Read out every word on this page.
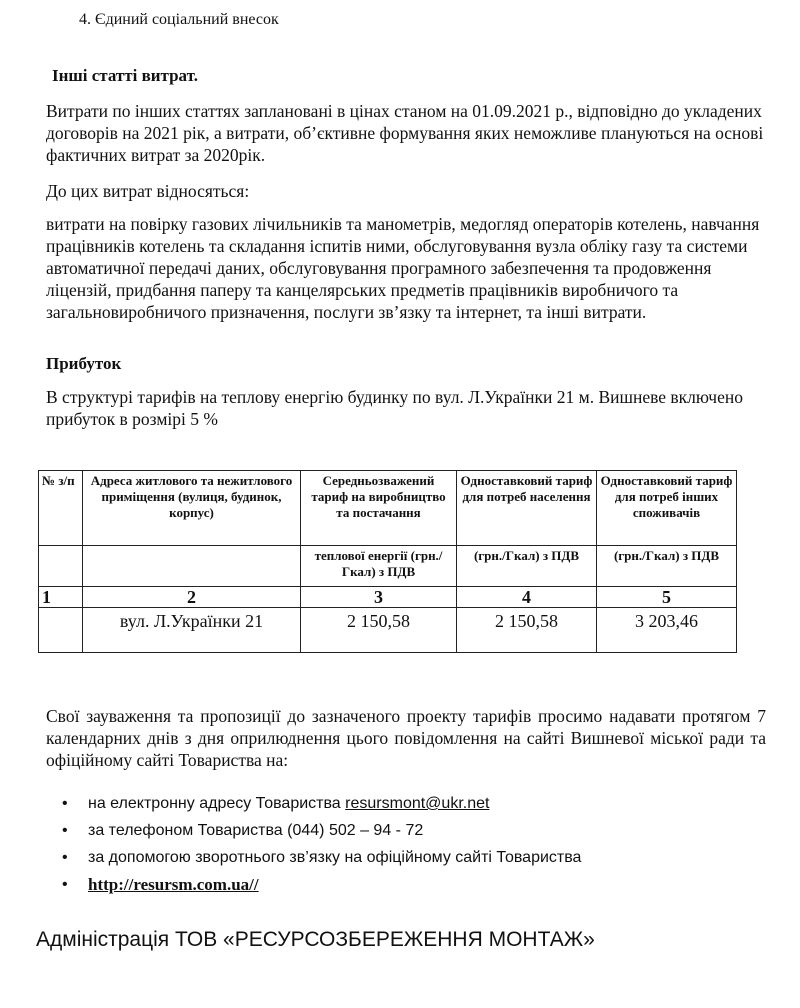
4. Єдиний соціальний внесок
Інші статті витрат.
Витрати по інших статтях заплановані в цінах станом на 01.09.2021 р., відповідно до укладених договорів на 2021 рік, а витрати, об’єктивне формування яких неможливе плануються на основі фактичних витрат за 2020рік.
До цих витрат відносяться:
витрати на повірку газових лічильників та манометрів, медогляд операторів котелень, навчання працівників котелень та складання іспитів ними, обслуговування вузла обліку газу та системи автоматичної передачі даних, обслуговування програмного забезпечення та продовження ліцензій, придбання паперу та канцелярських предметів працівників виробничого та загальновиробничого призначення, послуги зв’язку та інтернет, та інші витрати.
Прибуток
В структурі тарифів на теплову енергію будинку по вул. Л.Українки 21 м. Вишневе включено прибуток в розмірі 5 %
№ з/п	Адреса житлового та нежитлового приміщення (вулиця, будинок, корпус)	Середньозважений тариф на виробництво та постачання	Одноставковий тариф для потреб населення	Одноставковий тариф для потреб інших споживачів
		теплової енергії (грн./Гкал) з ПДВ	(грн./Гкал) з ПДВ	(грн./Гкал) з ПДВ
1	2	3	4	5
	вул. Л.Українки 21	2 150,58	2 150,58	3 203,46
Свої зауваження та пропозиції до зазначеного проекту тарифів просимо надавати протягом 7 календарних днів з дня оприлюднення цього повідомлення на сайті Вишневої міської ради та офіційному сайті Товариства на:
• на електронну адресу Товариства resursmont@ukr.net
• за телефоном Товариства (044) 502 – 94 - 72
• за допомогою зворотнього зв’язку на офіційному сайті Товариства
• http://resursm.com.ua//
Адміністрація ТОВ «РЕСУРСОЗБЕРЕЖЕННЯ МОНТАЖ»
